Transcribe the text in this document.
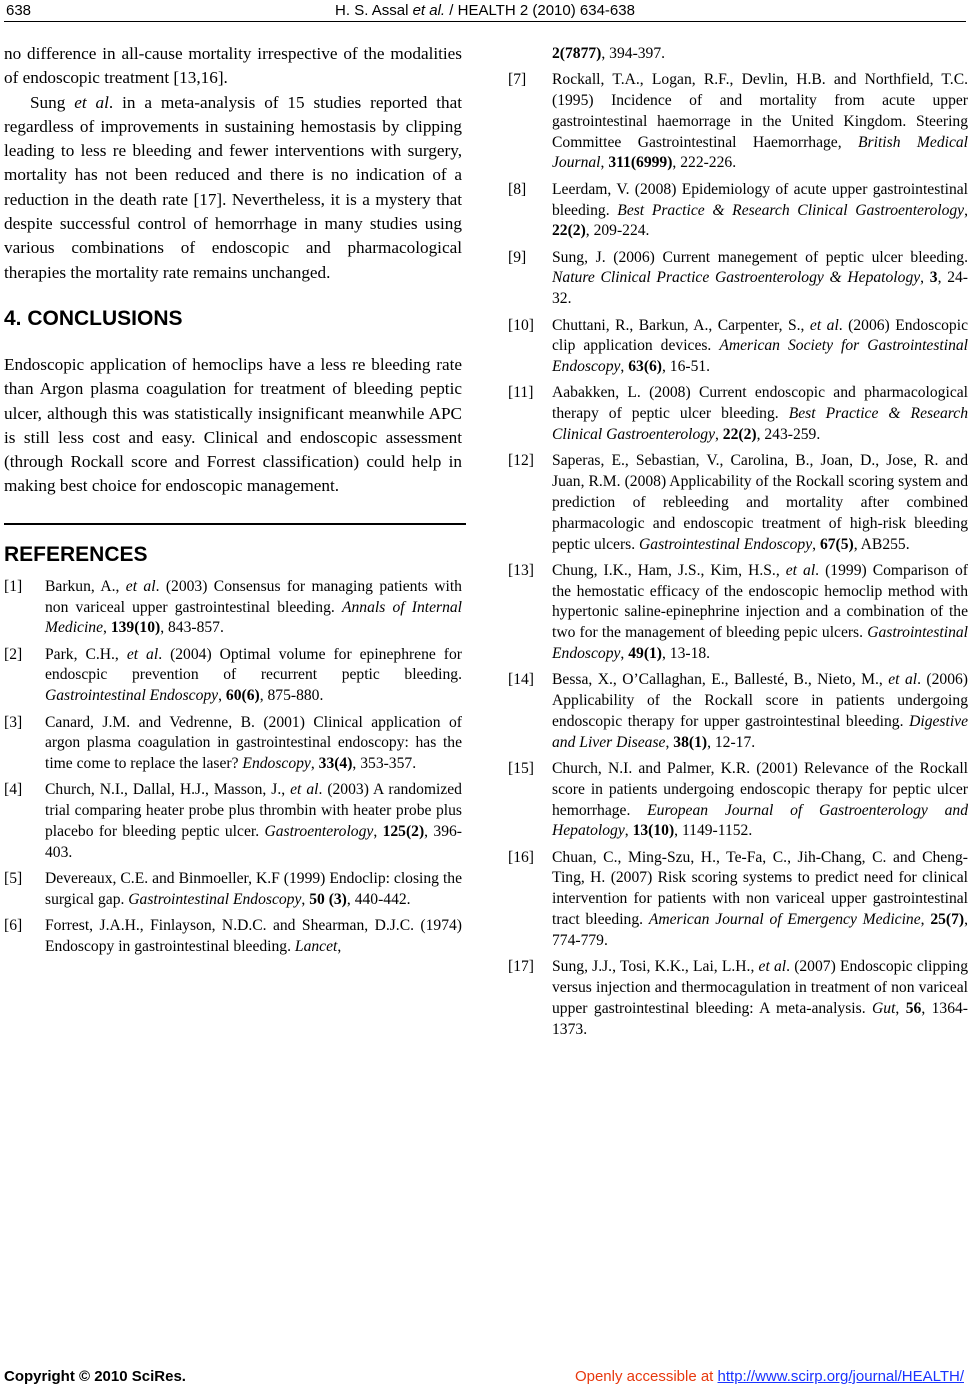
638	H. S. Assal et al. / HEALTH 2 (2010) 634-638

no difference in all-cause mortality irrespective of the modalities of endoscopic treatment [13,16].

Sung et al. in a meta-analysis of 15 studies reported that regardless of improvements in sustaining hemostasis by clipping leading to less re bleeding and fewer interventions with surgery, mortality has not been reduced and there is no indication of a reduction in the death rate [17]. Nevertheless, it is a mystery that despite successful control of hemorrhage in many studies using various combinations of endoscopic and pharmacological therapies the mortality rate remains unchanged.

4. CONCLUSIONS

Endoscopic application of hemoclips have a less re bleeding rate than Argon plasma coagulation for treatment of bleeding peptic ulcer, although this was statistically insignificant meanwhile APC is still less cost and easy. Clinical and endoscopic assessment (through Rockall score and Forrest classification) could help in making best choice for endoscopic management.

REFERENCES
[1]	Barkun, A., et al. (2003) Consensus for managing patients with non variceal upper gastrointestinal bleeding. Annals of Internal Medicine, 139(10), 843-857.
[2]	Park, C.H., et al. (2004) Optimal volume for epinephrene for endoscpic prevention of recurrent peptic bleeding. Gastrointestinal Endoscopy, 60(6), 875-880.
[3]	Canard, J.M. and Vedrenne, B. (2001) Clinical application of argon plasma coagulation in gastrointestinal endoscopy: has the time come to replace the laser? Endoscopy, 33(4), 353-357.
[4]	Church, N.I., Dallal, H.J., Masson, J., et al. (2003) A randomized trial comparing heater probe plus thrombin with heater probe plus placebo for bleeding peptic ulcer. Gastroenterology, 125(2), 396-403.
[5]	Devereaux, C.E. and Binmoeller, K.F (1999) Endoclip: closing the surgical gap. Gastrointestinal Endoscopy, 50 (3), 440-442.
[6]	Forrest, J.A.H., Finlayson, N.D.C. and Shearman, D.J.C. (1974) Endoscopy in gastrointestinal bleeding. Lancet,
2(7877), 394-397.
[7]	Rockall, T.A., Logan, R.F., Devlin, H.B. and Northfield, T.C. (1995) Incidence of and mortality from acute upper gastrointestinal haemorrage in the United Kingdom. Steering Committee Gastrointestinal Haemorrhage, British Medical Journal, 311(6999), 222-226.
[8]	Leerdam, V. (2008) Epidemiology of acute upper gastrointestinal bleeding. Best Practice & Research Clinical Gastroenterology, 22(2), 209-224.
[9]	Sung, J. (2006) Current manegement of peptic ulcer bleeding. Nature Clinical Practice Gastroenterology & Hepatology, 3, 24-32.
[10]	Chuttani, R., Barkun, A., Carpenter, S., et al. (2006) Endoscopic clip application devices. American Society for Gastrointestinal Endoscopy, 63(6), 16-51.
[11]	Aabakken, L. (2008) Current endoscopic and pharmacological therapy of peptic ulcer bleeding. Best Practice & Research Clinical Gastroenterology, 22(2), 243-259.
[12]	Saperas, E., Sebastian, V., Carolina, B., Joan, D., Jose, R. and Juan, R.M. (2008) Applicability of the Rockall scoring system and prediction of rebleeding and mortality after combined pharmacologic and endoscopic treatment of high-risk bleeding peptic ulcers. Gastrointestinal Endoscopy, 67(5), AB255.
[13]	Chung, I.K., Ham, J.S., Kim, H.S., et al. (1999) Comparison of the hemostatic efficacy of the endoscopic hemoclip method with hypertonic saline-epinephrine injection and a combination of the two for the management of bleeding pepic ulcers. Gastrointestinal Endoscopy, 49(1), 13-18.
[14]	Bessa, X., O’Callaghan, E., Ballesté, B., Nieto, M., et al. (2006) Applicability of the Rockall score in patients undergoing endoscopic therapy for upper gastrointestinal bleeding. Digestive and Liver Disease, 38(1), 12-17.
[15]	Church, N.I. and Palmer, K.R. (2001) Relevance of the Rockall score in patients undergoing endoscopic therapy for peptic ulcer hemorrhage. European Journal of Gastroenterology and Hepatology, 13(10), 1149-1152.
[16]	Chuan, C., Ming-Szu, H., Te-Fa, C., Jih-Chang, C. and Cheng-Ting, H. (2007) Risk scoring systems to predict need for clinical intervention for patients with non variceal upper gastrointestinal tract bleeding. American Journal of Emergency Medicine, 25(7), 774-779.
[17]	Sung, J.J., Tosi, K.K., Lai, L.H., et al. (2007) Endoscopic clipping versus injection and thermocagulation in treatment of non variceal upper gastrointestinal bleeding: A meta-analysis. Gut, 56, 1364-1373.
Copyright © 2010 SciRes.	Openly accessible at http://www.scirp.org/journal/HEALTH/
